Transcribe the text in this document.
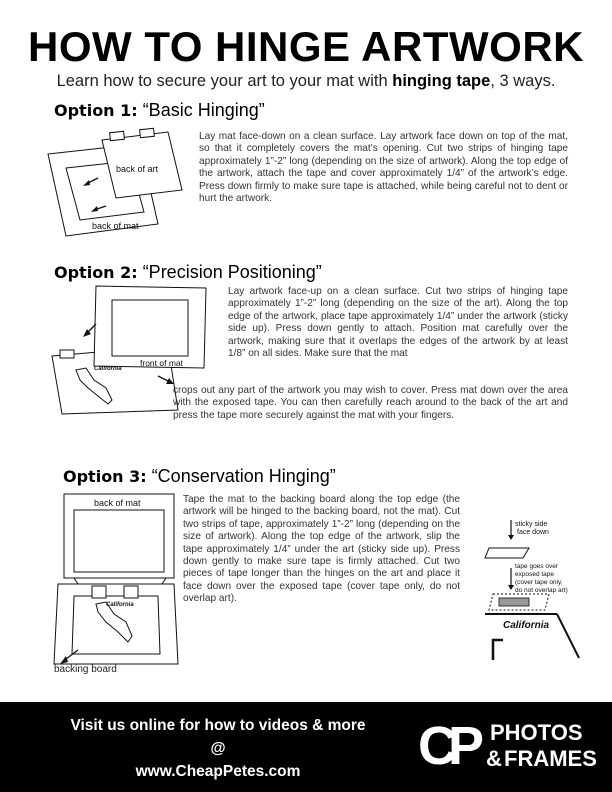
HOW TO HINGE ARTWORK
Learn how to secure your art to your mat with hinging tape, 3 ways.
Option 1: “Basic Hinging”
back of art
back of mat

Lay mat face-down on a clean surface. Lay artwork face down on top of the mat, so that it completely covers the mat’s opening. Cut two strips of hinging tape approximately 1”-2” long (depending on the size of artwork). Along the top edge of the artwork, attach the tape and cover approximately 1/4” of the artwork’s edge. Press down firmly to make sure tape is attached, while being careful not to dent or hurt the artwork.

Option 2: “Precision Positioning”
California
front of mat

Lay artwork face-up on a clean surface. Cut two strips of hinging tape approximately 1”-2” long (depending on the size of the art). Along the top edge of the artwork, place tape approximately 1/4” under the artwork (sticky side up). Press down gently to attach. Position mat carefully over the artwork, making sure that it overlaps the edges of the artwork by at least 1/8” on all sides. Make sure that the mat

crops out any part of the artwork you may wish to cover. Press mat down over the area with the exposed tape. You can then carefully reach around to the back of the art and press the tape more securely against the mat with your fingers.

Option 3: “Conservation Hinging”
back of mat
California
backing board

Tape the mat to the backing board along the top edge (the artwork will be hinged to the backing board, not the mat). Cut two strips of tape, approximately 1”-2” long (depending on the size of artwork). Along the top edge of the artwork, slip the tape approximately 1/4” under the art (sticky side up). Press down gently to make sure tape is firmly attached. Cut two pieces of tape longer than the hinges on the art and place it face down over the exposed tape (cover tape only, do not overlap art).

sticky side
face down
tape goes over
exposed tape
(cover tape only,
do not overlap art)
California
Visit us online for how to videos & more @
www.CheapPetes.com	C
P PHOTOS
& FRAMES
